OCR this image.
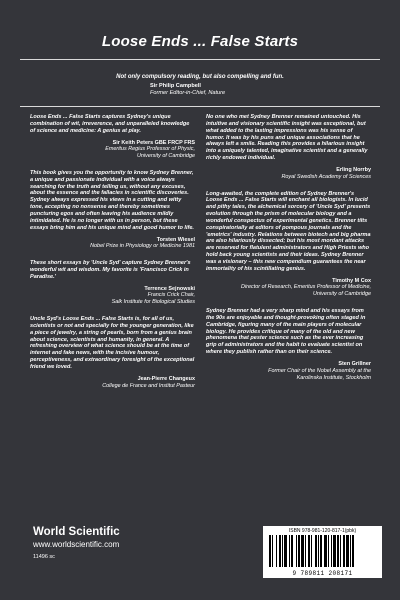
Loose Ends ... False Starts
Not only compulsory reading, but also compelling and fun.
Sir Philip Campbell
Former Editor-in-Chief, Nature

Loose Ends ... False Starts captures Sydney's unique combination of wit, irreverence, and unparalleled knowledge of science and medicine: A genius at play.

Sir Keith Peters GBE FRCP FRS
Emeritus Regius Professor of Physic,
University of Cambridge

This book gives you the opportunity to know Sydney Brenner, a unique and passionate individual with a voice always searching for the truth and telling us, without any excuses, about the essence and the fallacies in scientific discoveries. Sydney always expressed his views in a cutting and witty tone, accepting no nonsense and thereby sometimes puncturing egos and often leaving his audience mildly intimidated. He is no longer with us in person, but these essays bring him and his unique mind and good humor to life.

Torsten Wiesel
Nobel Prize in Physiology or Medicine 1981

These short essays by 'Uncle Syd' capture Sydney Brenner's wonderful wit and wisdom. My favorite is 'Francisco Crick in Paradise.'

Terrence Sejnowski
Francis Crick Chair,
Salk Institute for Biological Studies

Uncle Syd's Loose Ends ... False Starts is, for all of us, scientists or not and specially for the younger generation, like a piece of jewelry, a string of pearls, born from a genius brain about science, scientists and humanity, in general. A refreshing overview of what science should be at the time of internet and fake news, with the incisive humour, perceptiveness, and extraordinary foresight of the exceptional friend we loved.

Jean-Pierre Changeux
College de France and Institut Pasteur

No one who met Sydney Brenner remained untouched. His intuitive and visionary scientific insight was exceptional, but what added to the lasting impressions was his sense of humor. It was by his puns and unique associations that he always left a smile. Reading this provides a hilarious insight into a uniquely talented, imaginative scientist and a generally richly endowed individual.

Erling Norrby
Royal Swedish Academy of Sciences

Long-awaited, the complete edition of Sydney Brenner's Loose Ends ... False Starts will enchant all biologists. In lucid and pithy tales, the alchemical sorcery of 'Uncle Syd' presents evolution through the prism of molecular biology and a wonderful conspectus of experimental genetics. Brenner tilts conspiratorially at editors of pompous journals and the 'emetrics' industry. Relations between biotech and big pharma are also hilariously dissected; but his most mordant attacks are reserved for flatulent administrators and High Priests who hold back young scientists and their ideas. Sydney Brenner was a visionary – this new compendium guarantees the near immortality of his scintillating genius.

Timothy M Cox
Director of Research, Emeritus Professor of Medicine,
University of Cambridge

Sydney Brenner had a very sharp mind and his essays from the 90s are enjoyable and thought-provoking often staged in Cambridge, figuring many of the main players of molecular biology. He provides critique of many of the old and new phenomena that pester science such as the ever increasing grip of administrators and the habit to evaluate scientist on where they publish rather than on their science.

Sten Grillner
Former Chair of the Nobel Assembly at the
Karolinska Institute, Stockholm
World Scientific
www.worldscientific.com
11496 sc
ISBN 978-981-120-817-1(pbk)
9 789811 208171
